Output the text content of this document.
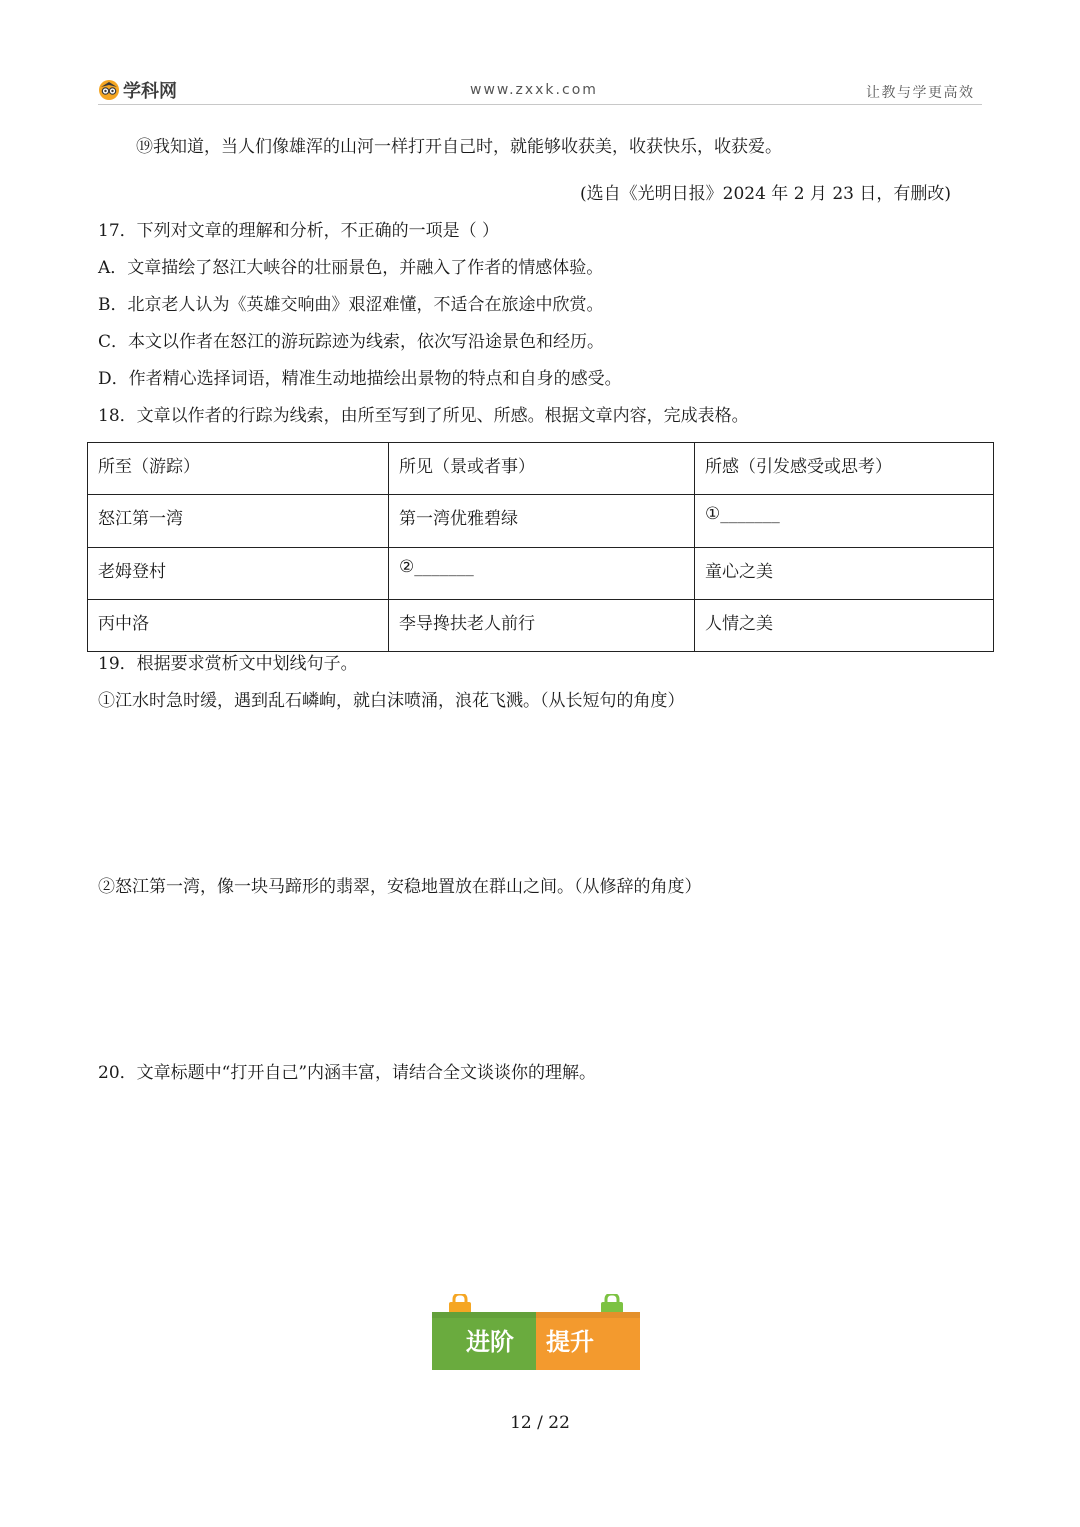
学科网	www.zxxk.com	让教与学更高效
⑲我知道，当人们像雄浑的山河一样打开自己时，就能够收获美，收获快乐，收获爱。
(选自《光明日报》2024 年 2 月 23 日，有删改)
17．下列对文章的理解和分析，不正确的一项是（ ）
A．文章描绘了怒江大峡谷的壮丽景色，并融入了作者的情感体验。
B．北京老人认为《英雄交响曲》艰涩难懂，不适合在旅途中欣赏。
C．本文以作者在怒江的游玩踪迹为线索，依次写沿途景色和经历。
D．作者精心选择词语，精准生动地描绘出景物的特点和自身的感受。
18．文章以作者的行踪为线索，由所至写到了所见、所感。根据文章内容，完成表格。
所至（游踪）	所见（景或者事）	所感（引发感受或思考）
怒江第一湾	第一湾优雅碧绿	①_______
老姆登村	②_______	童心之美
丙中洛	李导搀扶老人前行	人情之美
19．根据要求赏析文中划线句子。
①江水时急时缓，遇到乱石嶙峋，就白沫喷涌，浪花飞溅。（从长短句的角度）
②怒江第一湾，像一块马蹄形的翡翠，安稳地置放在群山之间。（从修辞的角度）
20．文章标题中“打开自己”内涵丰富，请结合全文谈谈你的理解。
进阶 提升
12 / 22
